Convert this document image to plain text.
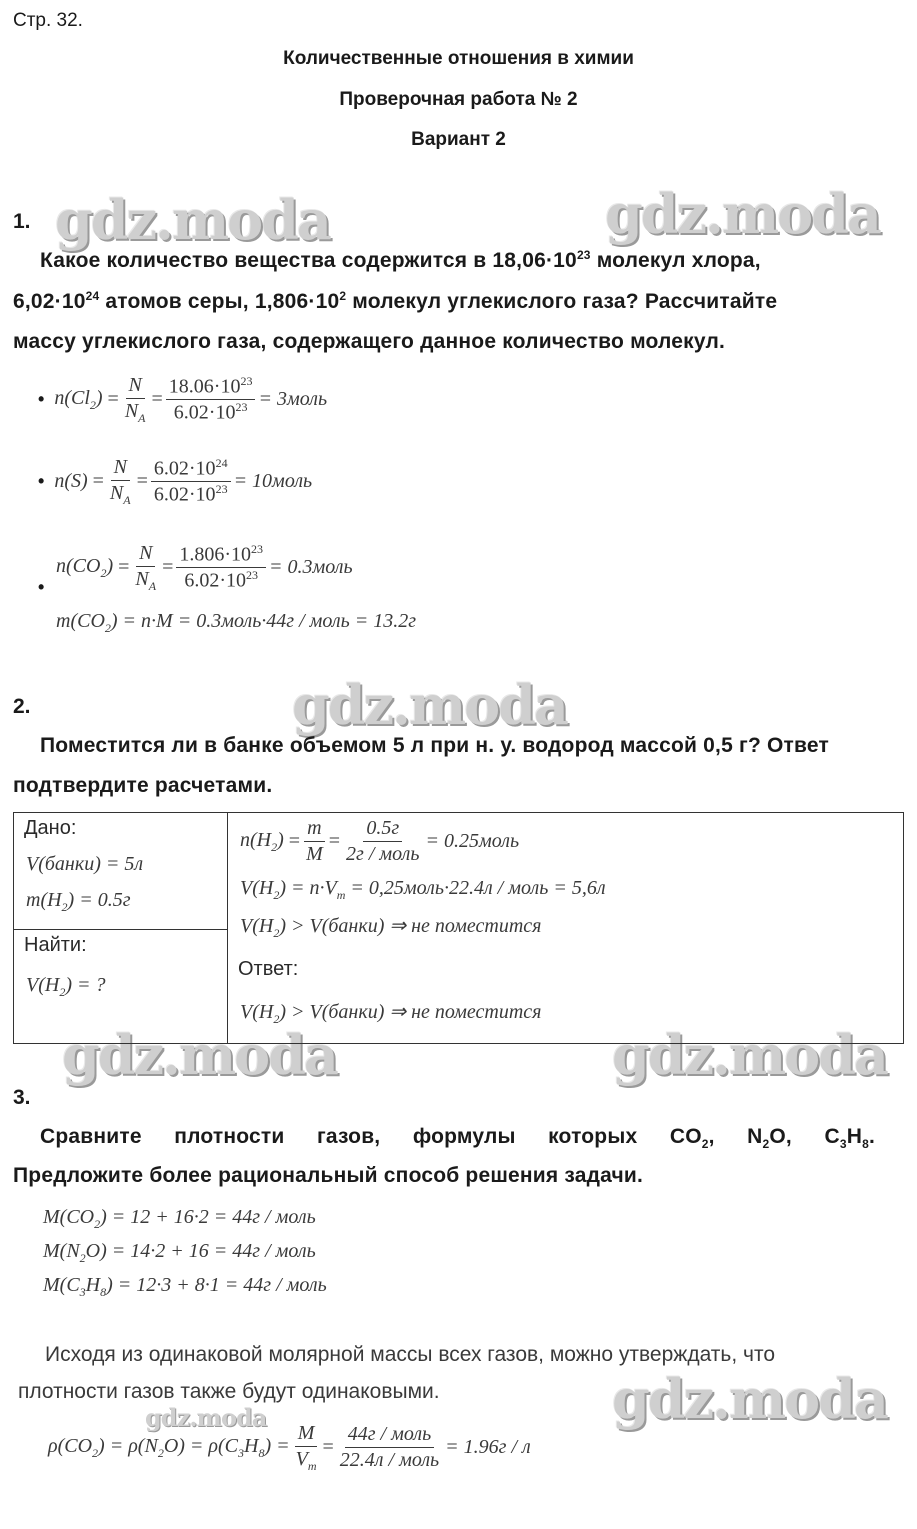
Стр. 32.
Количественные отношения в химии
Проверочная работа № 2
Вариант 2
gdz.moda	gdz.moda
gdz.moda
gdz.moda	gdz.moda
gdz.moda
gdz.moda
1.
Какое количество вещества содержится в $18,06\cdot 10^{23}$ молекул хлора,
$6,02\cdot 10^{24}$ атомов серы, $1,806\cdot 10^2$ молекул углекислого газа? Рассчитайте
массу углекислого газа, содержащего данное количество молекул.
• $n(Cl_2) = \frac{N}{N_A} = \frac{18.06\cdot 10^{23}}{6.02\cdot 10^{23}}$ = 3моль
• $n(S) = \frac{N}{N_A} = \frac{6.02\cdot 10^{24}}{6.02\cdot 10^{23}}$ = 10моль
•
$n(CO_2) = \frac{N}{N_A} = \frac{1.806\cdot 10^{23}}{6.02\cdot 10^{23}}$ = 0.3моль
$m(CO_2) = n\cdot M$ = 0.3моль·44г / моль = 13.2г
2.
Поместится ли в банке объемом 5 л при н. у. водород массой 0,5 г? Ответ
подтвердите расчетами.
Дано:
V(банки) = 5л
$m(H_2) = 0.5г$

$n(H_2) = \frac{m}{M} = \frac{0.5г}{\text{2г / моль}}$ = 0.25моль
$V(H_2) = n\cdot V_m$ = 0,25моль·22.4л / моль = 5,6л
$V(H_2)$ > V(банки) ⇒ не поместится
Ответ:
$V(H_2)$ > V(банки) ⇒ не поместится

Найти:
$V(H_2)$ = ?
3.
Сравните плотности газов, формулы которых $CO_2$, $N_2O$, $C_3H_8$.
Предложите более рациональный способ решения задачи.
$M(CO_2) = 12 + 16\cdot 2 = 44г$ / моль
$M(N_2O) = 14\cdot 2 + 16 = 44г$ / моль
$M(C_3H_8) = 12\cdot 3 + 8\cdot 1 = 44г$ / моль
Исходя из одинаковой молярной массы всех газов, можно утверждать, что
плотности газов также будут одинаковыми.
$\rho(CO_2) = \rho(N_2O) = \rho(C_3H_8) = \frac{M}{V_m} = \frac{\text{44г / моль}}{\text{22.4л / моль}} = 1.96г / л$
